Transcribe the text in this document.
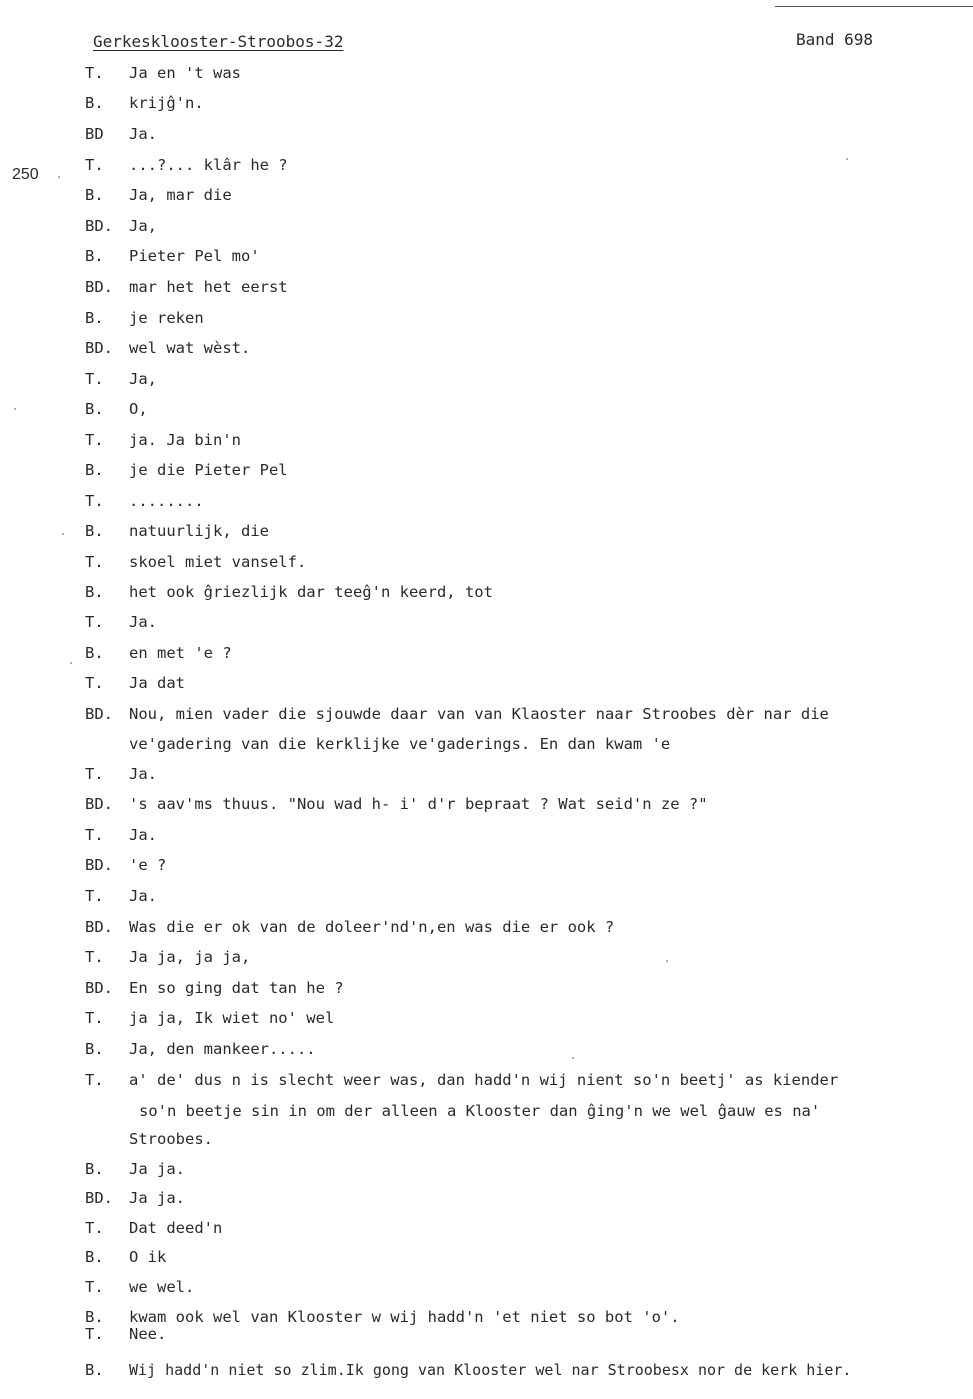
Gerkesklooster-Stroobos-32	Band 698
250
T. Ja en 't was
B. krijĝ'n.
BD Ja.
T. ...?... klâr he ?
B. Ja, mar die
BD. Ja,
B. Pieter Pel mo'
BD. mar het het eerst
B. je reken
BD. wel wat wèst.
T. Ja,
B. O,
T. ja. Ja bin'n
B. je die Pieter Pel
T. ........
B. natuurlijk, die
T. skoel miet vanself.
B. het ook ĝriezlijk dar teeĝ'n keerd, tot
T. Ja.
B. en met 'e ?
T. Ja dat
BD. Nou, mien vader die sjouwde daar van van Klaoster naar Stroobes dèr nar die
ve'gadering van die kerklijke ve'gaderings. En dan kwam 'e
T. Ja.
BD. 's aav'ms thuus. "Nou wad h- i' d'r bepraat ? Wat seid'n ze ?"
T. Ja.
BD. 'e ?
T. Ja.
BD. Was die er ok van de doleer'nd'n,en was die er ook ?
T. Ja ja, ja ja,
BD. En so ging dat tan he ?
T. ja ja, Ik wiet no' wel
B. Ja, den mankeer.....
T. a' de' dus n is slecht weer was, dan hadd'n wij nient so'n beetj' as kiender
so'n beetje sin in om der alleen a Klooster dan ĝing'n we wel ĝauw es na'
Stroobes.
B. Ja ja.
BD. Ja ja.
T. Dat deed'n
B. O ik
T. we wel.
B. kwam ook wel van Klooster w wij hadd'n 'et niet so bot 'o'.
T. Nee.
B. Wij hadd'n niet so zlim.Ik gong van Klooster wel nar Stroobesx nor de kerk hier.
